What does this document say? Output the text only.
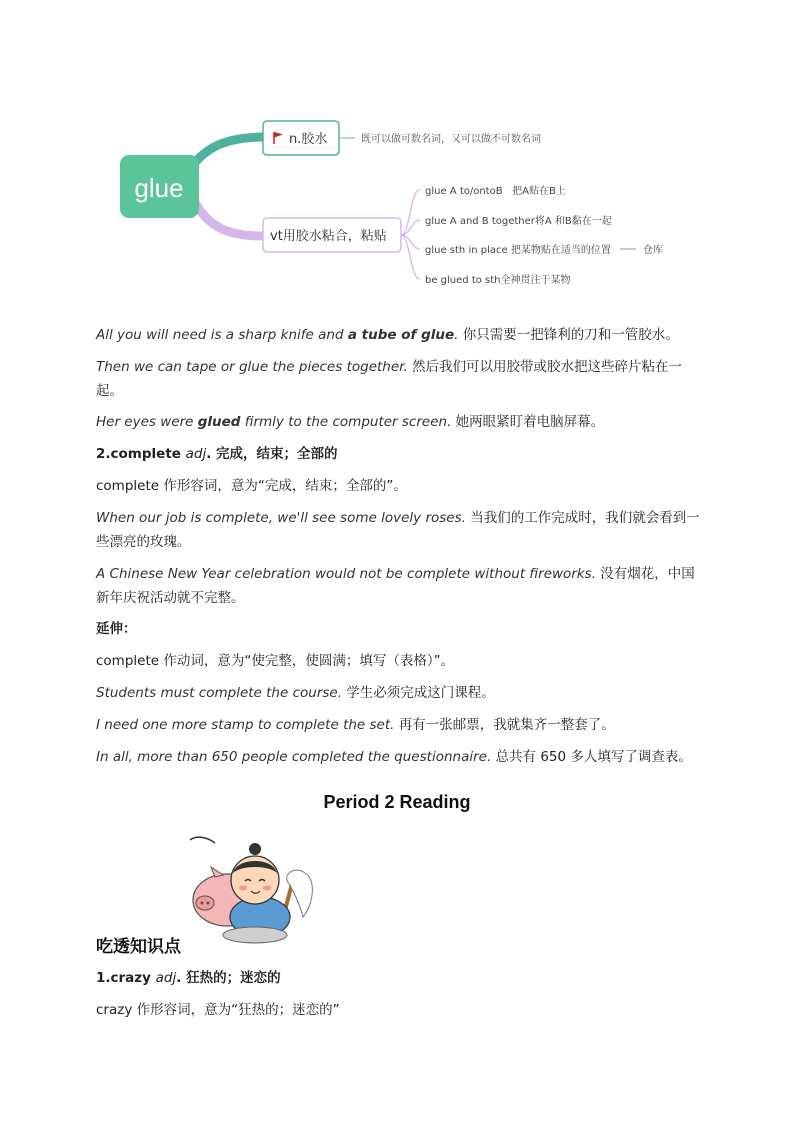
glue
n.胶水	既可以做可数名词，又可以做不可数名词
vt用胶水粘合，粘贴
glue A to/ontoB   把A贴在B上
glue A and B together将A 和B黏在一起
glue sth in place 把某物贴在适当的位置	仓库
be glued to sth全神贯注于某物
All you will need is a sharp knife and a tube of glue. 你只需要一把锋利的刀和一管胶水。
Then we can tape or glue the pieces together. 然后我们可以用胶带或胶水把这些碎片粘在一起。
Her eyes were glued firmly to the computer screen. 她两眼紧盯着电脑屏幕。
2.complete adj. 完成，结束；全部的
complete 作形容词，意为“完成，结束；全部的”。
When our job is complete, we'll see some lovely roses. 当我们的工作完成时，我们就会看到一些漂亮的玫瑰。
A Chinese New Year celebration would not be complete without fireworks. 没有烟花，中国新年庆祝活动就不完整。
延伸：
complete 作动词，意为“使完整，使圆满；填写（表格）”。
Students must complete the course. 学生必须完成这门课程。
I need one more stamp to complete the set. 再有一张邮票，我就集齐一整套了。
In all, more than 650 people completed the questionnaire. 总共有 650 多人填写了调查表。
Period 2 Reading
吃透知识点
1.crazy adj. 狂热的；迷恋的
crazy 作形容词，意为“狂热的；迷恋的”
